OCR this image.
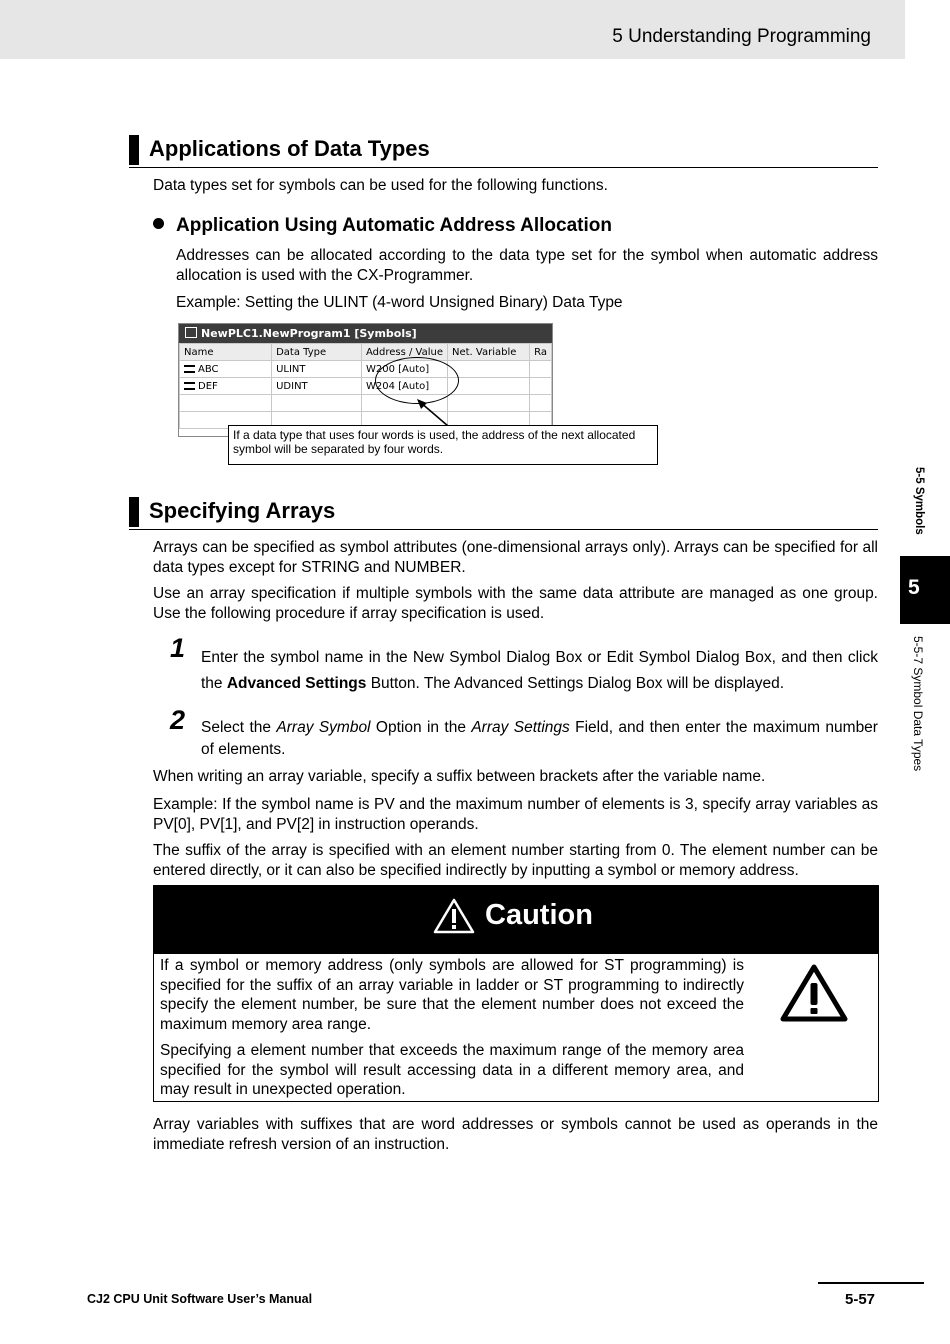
5 Understanding Programming
Applications of Data Types
Data types set for symbols can be used for the following functions.
Application Using Automatic Address Allocation
Addresses can be allocated according to the data type set for the symbol when automatic address allocation is used with the CX-Programmer.
Example: Setting the ULINT (4-word Unsigned Binary) Data Type
NewPLC1.NewProgram1 [Symbols]
Name	Data Type	Address / Value	Net. Variable	Ra
ABC	ULINT	W200 [Auto]		
DEF	UDINT	W204 [Auto]		

If a data type that uses four words is used, the address of the next allocated symbol will be separated by four words.
Specifying Arrays
Arrays can be specified as symbol attributes (one-dimensional arrays only). Arrays can be specified for all data types except for STRING and NUMBER.
Use an array specification if multiple symbols with the same data attribute are managed as one group. Use the following procedure if array specification is used.
1 Enter the symbol name in the New Symbol Dialog Box or Edit Symbol Dialog Box, and then click the Advanced Settings Button. The Advanced Settings Dialog Box will be displayed.
2 Select the Array Symbol Option in the Array Settings Field, and then enter the maximum number of elements.
When writing an array variable, specify a suffix between brackets after the variable name.
Example: If the symbol name is PV and the maximum number of elements is 3, specify array variables as PV[0], PV[1], and PV[2] in instruction operands.
The suffix of the array is specified with an element number starting from 0. The element number can be entered directly, or it can also be specified indirectly by inputting a symbol or memory address.
Caution
If a symbol or memory address (only symbols are allowed for ST programming) is specified for the suffix of an array variable in ladder or ST programming to indirectly specify the element number, be sure that the element number does not exceed the maximum memory area range.
Specifying a element number that exceeds the maximum range of the memory area specified for the symbol will result accessing data in a different memory area, and may result in unexpected operation.
Array variables with suffixes that are word addresses or symbols cannot be used as operands in the immediate refresh version of an instruction.
5-5 Symbols
5
5-5-7 Symbol Data Types
CJ2 CPU Unit Software User’s Manual	5-57
